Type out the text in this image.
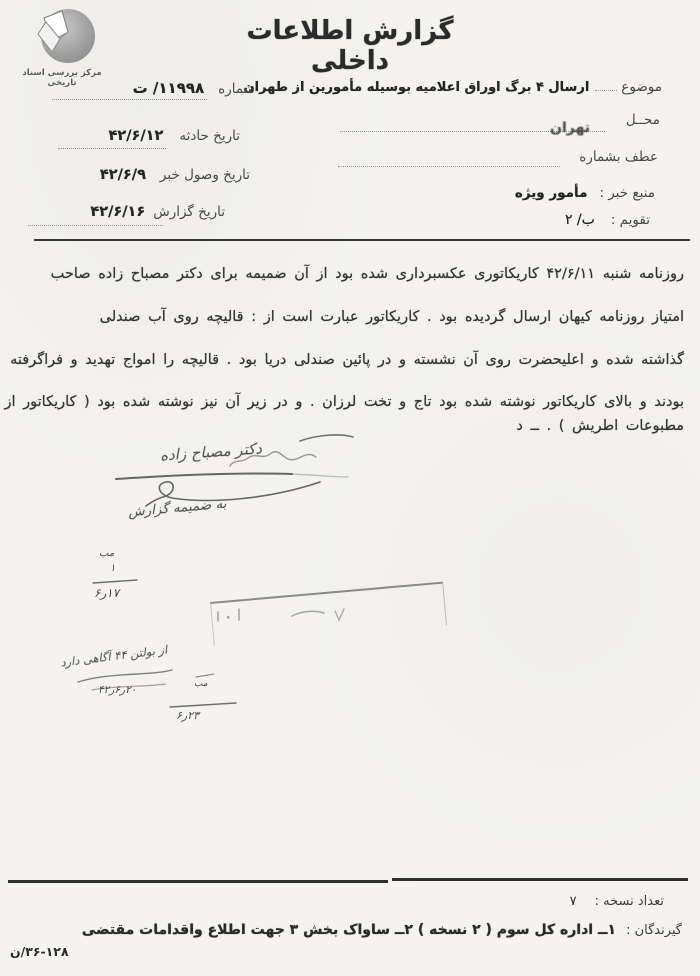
مرکز بررسی اسناد تاریخی
گزارش اطلاعات داخلی
موضوع
ارسال ۴ برگ اوراق اعلامیه بوسیله مأمورین از طهران
محــل
تهران
عطف بشماره
منبع خبر :
مأمور ویژه
تقویم :
ب/ ۲
شماره
۱۱۹۹۸/ ت
تاریخ حادثه
۴۲/۶/۱۲
تاریخ وصول خبر
۴۲/۶/۹
تاریخ گزارش
۴۲/۶/۱۶
روزنامه شنبه ۴۲/۶/۱۱ کاریکاتوری عکسبرداری شده بود از آن ضمیمه برای دکتر مصباح زاده صاحب
امتیاز روزنامه کیهان ارسال گردیده بود . کاریکاتور عبارت است از : قالیچه روی آب صندلی
گذاشته شده و اعلیحضرت روی آن نشسته و در پائین صندلی دریا بود . قالیچه را امواج تهدید و فراگرفته
بودند و بالای کاریکاتور نوشته شده بود تاج و تخت لرزان . و در زیر آن نیز نوشته شده بود ( کاریکاتور از
مطبوعات اطریش ) . ــ د
دکتر مصباح زاده
به ضمیمه گزارش
مب
۱
۱۷ر۶
از بولتن ۴۴ آگاهی دارد
۲۰ر۶ر۴۲	مب
۲۳ر۶
تعداد نسخه :
۷
گیرندگان :
۱ــ اداره کل سوم ( ۲ نسخه ) ۲ــ ساواک بخش ۳ جهت اطلاع واقدامات مقتضی
۳۶-۱۲۸/ن
